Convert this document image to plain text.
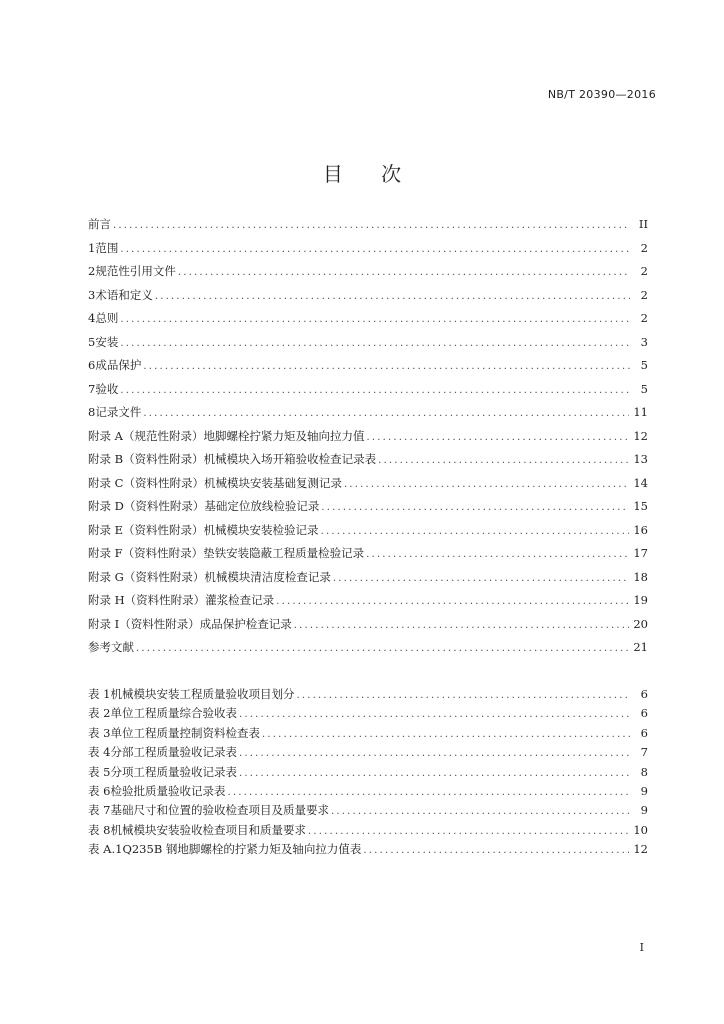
NB/T 20390—2016
目 次
前言 .....	II
1 范围 .....	2
2 规范性引用文件 .....	2
3 术语和定义 .....	2
4 总则 .....	2
5 安装 .....	3
6 成品保护 .....	5
7 验收 .....	5
8 记录文件 .....	11
附录 A（规范性附录） 地脚螺栓拧紧力矩及轴向拉力值 .....	12
附录 B（资料性附录） 机械模块入场开箱验收检查记录表 .....	13
附录 C（资料性附录） 机械模块安装基础复测记录 .....	14
附录 D（资料性附录） 基础定位放线检验记录 .....	15
附录 E（资料性附录） 机械模块安装检验记录 .....	16
附录 F（资料性附录） 垫铁安装隐蔽工程质量检验记录 .....	17
附录 G（资料性附录） 机械模块清洁度检查记录 .....	18
附录 H（资料性附录） 灌浆检查记录 .....	19
附录 I（资料性附录） 成品保护检查记录 .....	20
参考文献 .....	21
表 1 机械模块安装工程质量验收项目划分 .....	6
表 2 单位工程质量综合验收表 .....	6
表 3 单位工程质量控制资料检查表 .....	6
表 4 分部工程质量验收记录表 .....	7
表 5 分项工程质量验收记录表 .....	8
表 6 检验批质量验收记录表 .....	9
表 7 基础尺寸和位置的验收检查项目及质量要求 .....	9
表 8 机械模块安装验收检查项目和质量要求 .....	10
表 A.1 Q235B 钢地脚螺栓的拧紧力矩及轴向拉力值表 .....	12
I
